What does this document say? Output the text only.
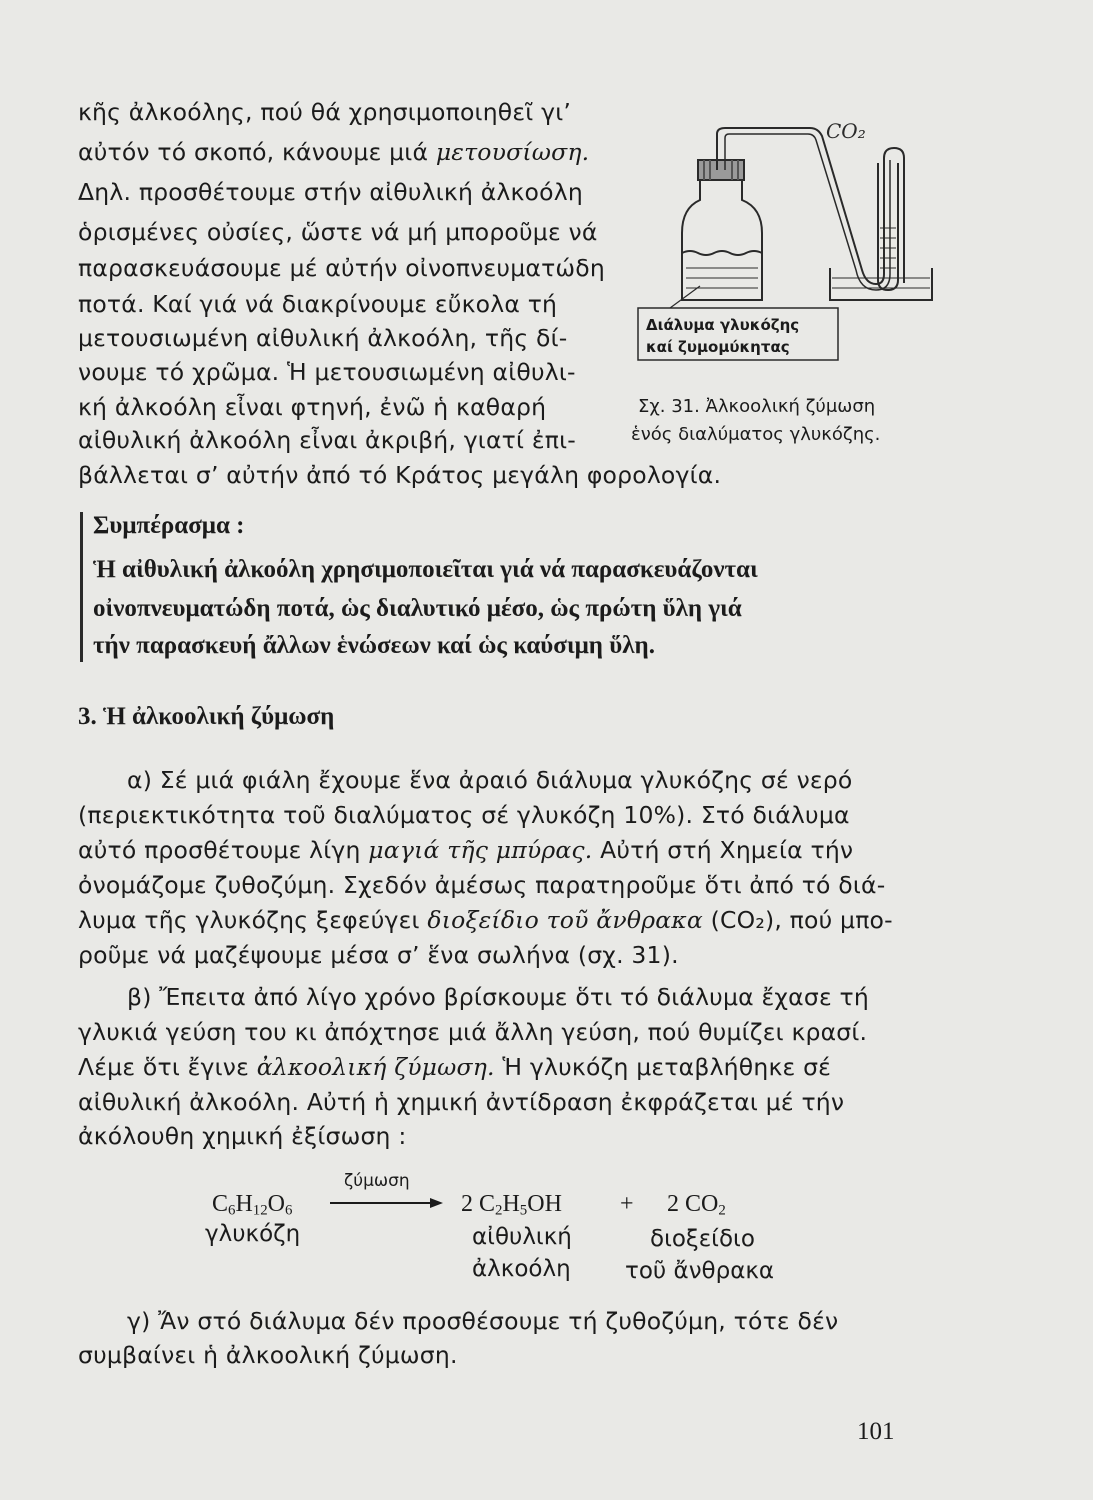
κῆς ἀλκοόλης, πού θά χρησιμοποιηθεῖ γι’
αὐτόν τό σκοπό, κάνουμε μιά μετουσίωση.
Δηλ. προσθέτουμε στήν αἰθυλική ἀλκοόλη
ὁρισμένες οὐσίες, ὥστε νά μή μποροῦμε νά
παρασκευάσουμε μέ αὐτήν οἰνοπνευματώδη
ποτά. Καί γιά νά διακρίνουμε εὔκολα τή
μετουσιωμένη αἰθυλική ἀλκοόλη, τῆς δί-
νουμε τό χρῶμα. Ἡ μετουσιωμένη αἰθυλι-
κή ἀλκοόλη εἶναι φτηνή, ἐνῶ ἡ καθαρή
αἰθυλική ἀλκοόλη εἶναι ἀκριβή, γιατί ἐπι-
βάλλεται σ’ αὐτήν ἀπό τό Κράτος μεγάλη φορολογία.
CO₂
Διάλυμα γλυκόζης
καί ζυμομύκητας
Σχ. 31. Ἀλκοολική ζύμωση
ἑνός διαλύματος γλυκόζης.
Συμπέρασμα :
Ἡ αἰθυλική ἀλκοόλη χρησιμοποιεῖται γιά νά παρασκευάζονται
οἰνοπνευματώδη ποτά, ὡς διαλυτικό μέσο, ὡς πρώτη ὕλη γιά
τήν παρασκευή ἄλλων ἑνώσεων καί ὡς καύσιμη ὕλη.
3. Ἡ ἀλκοολική ζύμωση
α) Σέ μιά φιάλη ἔχουμε ἕνα ἀραιό διάλυμα γλυκόζης σέ νερό
(περιεκτικότητα τοῦ διαλύματος σέ γλυκόζη 10%). Στό διάλυμα
αὐτό προσθέτουμε λίγη μαγιά τῆς μπύρας. Αὐτή στή Χημεία τήν
ὀνομάζομε ζυθοζύμη. Σχεδόν ἀμέσως παρατηροῦμε ὅτι ἀπό τό διά-
λυμα τῆς γλυκόζης ξεφεύγει διοξείδιο τοῦ ἄνθρακα (CO₂), πού μπο-
ροῦμε νά μαζέψουμε μέσα σ’ ἕνα σωλήνα (σχ. 31).
β) Ἔπειτα ἀπό λίγο χρόνο βρίσκουμε ὅτι τό διάλυμα ἔχασε τή
γλυκιά γεύση του κι ἀπόχτησε μιά ἄλλη γεύση, πού θυμίζει κρασί.
Λέμε ὅτι ἔγινε ἀλκοολική ζύμωση. Ἡ γλυκόζη μεταβλήθηκε σέ
αἰθυλική ἀλκοόλη. Αὐτή ἡ χημική ἀντίδραση ἐκφράζεται μέ τήν
ἀκόλουθη χημική ἐξίσωση :
$C_6H_{12}O_6$
ζύμωση
2 $C_2H_5OH + 2$ $CO_2$
γλυκόζη	αἰθυλική
ἀλκοόλη
διοξείδιο
τοῦ ἄνθρακα
γ) Ἄν στό διάλυμα δέν προσθέσουμε τή ζυθοζύμη, τότε δέν
συμβαίνει ἡ ἀλκοολική ζύμωση.
101
